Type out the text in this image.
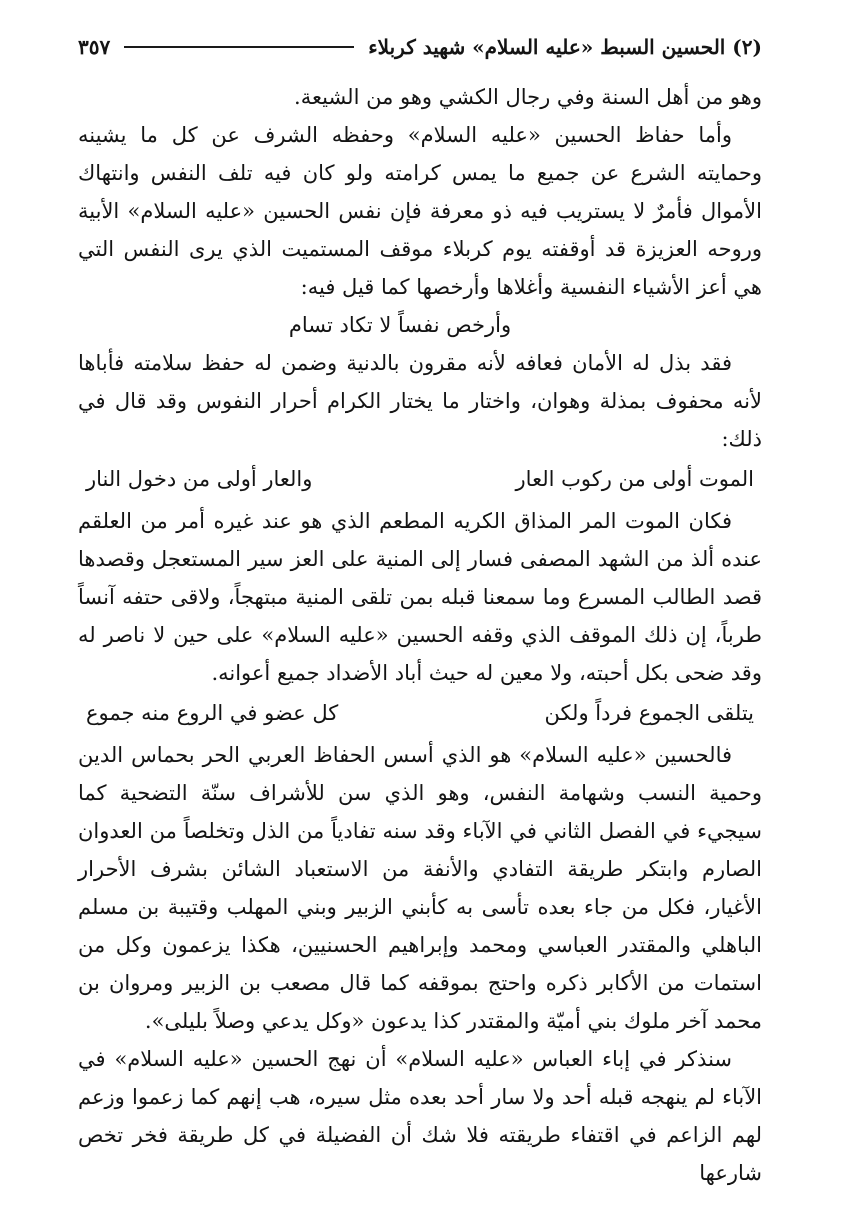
(٢) الحسين السبط «عليه السلام» شهيد كربلاء
٣٥٧

وهو من أهل السنة وفي رجال الكشي وهو من الشيعة.

وأما حفاظ الحسين «عليه السلام» وحفظه الشرف عن كل ما يشينه وحمايته الشرع عن جميع ما يمس كرامته ولو كان فيه تلف النفس وانتهاك الأموال فأمرٌ لا يستريب فيه ذو معرفة فإن نفس الحسين «عليه السلام» الأبية وروحه العزيزة قد أوقفته يوم كربلاء موقف المستميت الذي يرى النفس التي هي أعز الأشياء النفسية وأغلاها وأرخصها كما قيل فيه:

وأرخص نفساً لا تكاد تسام

فقد بذل له الأمان فعافه لأنه مقرون بالدنية وضمن له حفظ سلامته فأباها لأنه محفوف بمذلة وهوان، واختار ما يختار الكرام أحرار النفوس وقد قال في ذلك:

الموت أولى من ركوب العار
والعار أولى من دخول النار

فكان الموت المر المذاق الكريه المطعم الذي هو عند غيره أمر من العلقم عنده ألذ من الشهد المصفى فسار إلى المنية على العز سير المستعجل وقصدها قصد الطالب المسرع وما سمعنا قبله بمن تلقى المنية مبتهجاً، ولاقى حتفه آنساً طرباً، إن ذلك الموقف الذي وقفه الحسين «عليه السلام» على حين لا ناصر له وقد ضحى بكل أحبته، ولا معين له حيث أباد الأضداد جميع أعوانه.

يتلقى الجموع فرداً ولكن
كل عضو في الروع منه جموع

فالحسين «عليه السلام» هو الذي أسس الحفاظ العربي الحر بحماس الدين وحمية النسب وشهامة النفس، وهو الذي سن للأشراف سنّة التضحية كما سيجيء في الفصل الثاني في الآباء وقد سنه تفادياً من الذل وتخلصاً من العدوان الصارم وابتكر طريقة التفادي والأنفة من الاستعباد الشائن بشرف الأحرار الأغيار، فكل من جاء بعده تأسى به كأبني الزبير وبني المهلب وقتيبة بن مسلم الباهلي والمقتدر العباسي ومحمد وإبراهيم الحسنيين، هكذا يزعمون وكل من استمات من الأكابر ذكره واحتج بموقفه كما قال مصعب بن الزبير ومروان بن محمد آخر ملوك بني أميّة والمقتدر كذا يدعون «وكل يدعي وصلاً بليلى».

سنذكر في إباء العباس «عليه السلام» أن نهج الحسين «عليه السلام» في الآباء لم ينهجه قبله أحد ولا سار أحد بعده مثل سيره، هب إنهم كما زعموا وزعم لهم الزاعم في اقتفاء طريقته فلا شك أن الفضيلة في كل طريقة فخر تخص شارعها
